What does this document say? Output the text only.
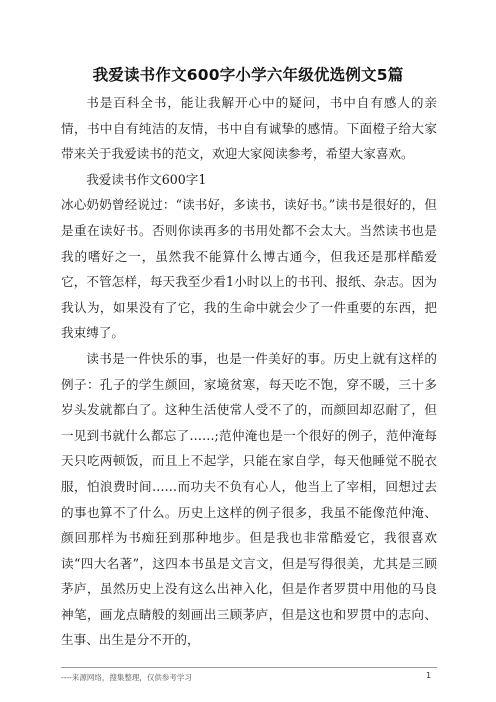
我爱读书作文600字小学六年级优选例文5篇

书是百科全书，能让我解开心中的疑问，书中自有感人的亲情，书中自有纯洁的友情，书中自有诚挚的感情。下面橙子给大家带来关于我爱读书的范文，欢迎大家阅读参考，希望大家喜欢。

我爱读书作文600字1

冰心奶奶曾经说过：“读书好，多读书，读好书。”读书是很好的，但是重在读好书。否则你读再多的书用处都不会太大。当然读书也是我的嗜好之一，虽然我不能算什么博古通今，但我还是那样酷爱它，不管怎样，每天我至少看1小时以上的书刊、报纸、杂志。因为我认为，如果没有了它，我的生命中就会少了一件重要的东西，把我束缚了。

读书是一件快乐的事，也是一件美好的事。历史上就有这样的例子：孔子的学生颜回，家境贫寒，每天吃不饱，穿不暖，三十多岁头发就都白了。这种生活使常人受不了的，而颜回却忍耐了，但一见到书就什么都忘了……;范仲淹也是一个很好的例子，范仲淹每天只吃两顿饭，而且上不起学，只能在家自学，每天他睡觉不脱衣服，怕浪费时间……而功夫不负有心人，他当上了宰相，回想过去的事也算不了什么。历史上这样的例子很多，我虽不能像范仲淹、颜回那样为书痴狂到那种地步。但是我也非常酷爱它，我很喜欢读“四大名著”，这四本书虽是文言文，但是写得很美，尤其是三顾茅庐，虽然历史上没有这么出神入化，但是作者罗贯中用他的马良神笔，画龙点睛般的刻画出三顾茅庐，但是这也和罗贯中的志向、生事、出生是分不开的，

----来源网络，搜集整理，仅供参考学习	1
